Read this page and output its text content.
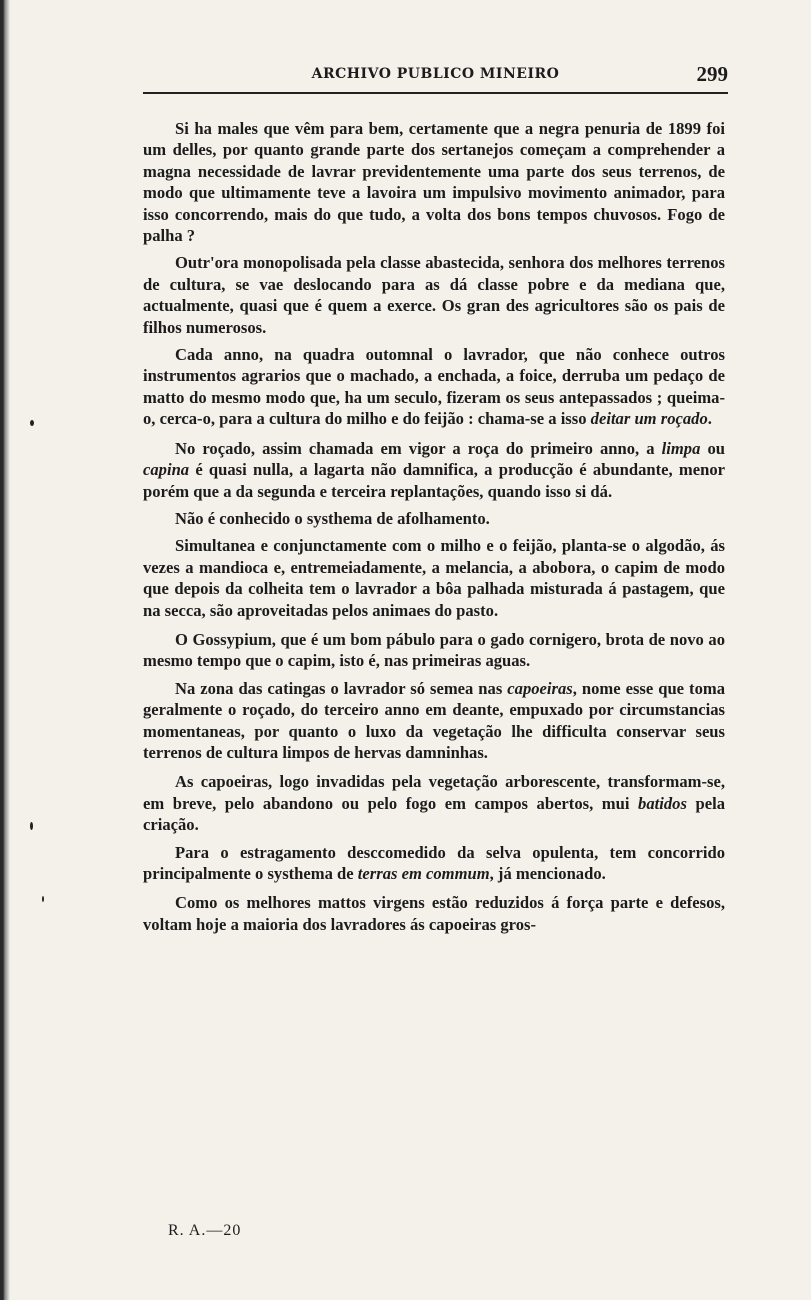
ARCHIVO PUBLICO MINEIRO	299

Si ha males que vêm para bem, certamente que a negra penuria de 1899 foi um delles, por quanto grande parte dos sertanejos começam a comprehender a magna necessidade de lavrar previdentemente uma parte dos seus terrenos, de modo que ultimamente teve a lavoira um impulsivo movimento animador, para isso concorrendo, mais do que tudo, a volta dos bons tempos chuvosos. Fogo de palha ?

Outr'ora monopolisada pela classe abastecida, senhora dos melhores terrenos de cultura, se vae deslocando para as dá classe pobre e da mediana que, actualmente, quasi que é quem a exerce. Os gran des agricultores são os pais de filhos numerosos.

Cada anno, na quadra outomnal o lavrador, que não conhece outros instrumentos agrarios que o machado, a enchada, a foice, derruba um pedaço de matto do mesmo modo que, ha um seculo, fizeram os seus antepassados ; queima-o, cerca-o, para a cultura do milho e do feijão : chama-se a isso deitar um roçado.

No roçado, assim chamada em vigor a roça do primeiro anno, a limpa ou capina é quasi nulla, a lagarta não damnifica, a producção é abundante, menor porém que a da segunda e terceira replantações, quando isso si dá.

Não é conhecido o systhema de afolhamento.

Simultanea e conjunctamente com o milho e o feijão, planta-se o algodão, ás vezes a mandioca e, entremeiadamente, a melancia, a abobora, o capim de modo que depois da colheita tem o lavrador a bôa palhada misturada á pastagem, que na secca, são aproveitadas pelos animaes do pasto.

O Gossypium, que é um bom pábulo para o gado cornigero, brota de novo ao mesmo tempo que o capim, isto é, nas primeiras aguas.

Na zona das catingas o lavrador só semea nas capoeiras, nome esse que toma geralmente o roçado, do terceiro anno em deante, empuxado por circumstancias momentaneas, por quanto o luxo da vegetação lhe difficulta conservar seus terrenos de cultura limpos de hervas damninhas.

As capoeiras, logo invadidas pela vegetação arborescente, transformam-se, em breve, pelo abandono ou pelo fogo em campos abertos, mui batidos pela criação.

Para o estragamento desccomedido da selva opulenta, tem concorrido principalmente o systhema de terras em commum, já mencionado.

Como os melhores mattos virgens estão reduzidos á força parte e defesos, voltam hoje a maioria dos lavradores ás capoeiras gros-

R. A.—20
